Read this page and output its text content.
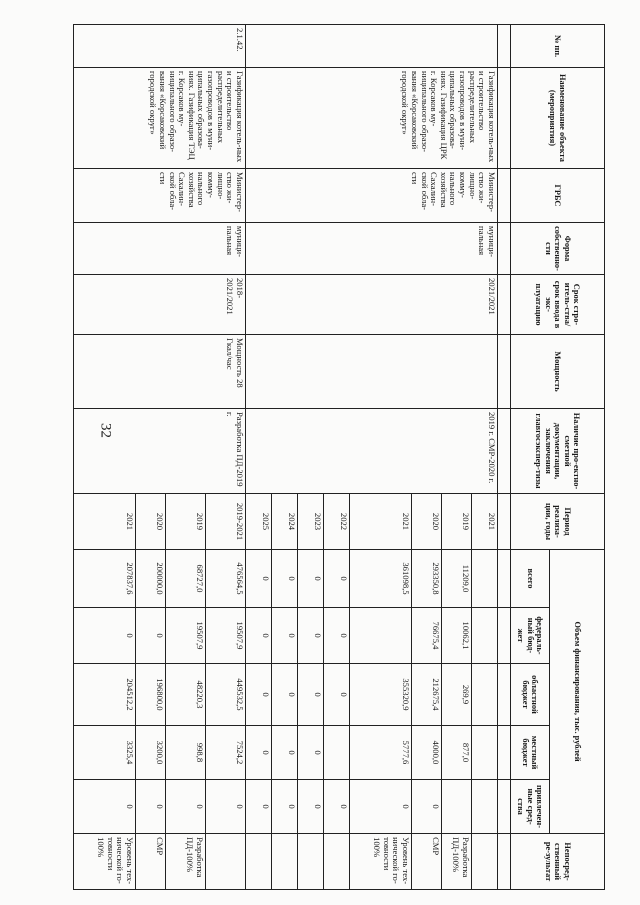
32
№ пп.	Наименование объекта (мероприятия)	ГРБС	Форма собственно-сти	Срок стро-итель-ства/срок ввода в экс-плуатацию	Мощность	Наличие про-ектно-сметной документации, заключения главгосэкспер-тизы	Период реализа-ции, годы	Объем финансирования, тыс. рублей					Непосред-ственный ре-зультат
								всего	федераль-ный бюд-жет	областной бюджет	местный бюджет	привлечен-ные сред-ства	

	Газификация котель-ных и строительство распределительных газопроводов в муни-ципальных образова-ниях. Газификация ЦРК г. Корсаков му-ниципального образо-вания «Корсаковский городской округ»	Министер-ство жи-лищно-комму-нального хозяйства Сахалин-ской обла-сти	муници-пальная	2021/2021		2019 г. СМР-2020 г.	2021						
							2019	11209,0	10062,1	269,9	877,0		Разработка ПД-100%
							2020	293350,8	76675,4	212675,4	4000,0	0	СМР
							2021	361098,5		355320,9	5777,6	0	Уровень тех-нической го-товности 100%
							2022	0	0	0		0	
							2023	0	0	0	0	0	
							2024	0	0	0	0	0	
							2025	0	0	0	0	0	
2.1.42.	Газификация котель-ных и строительство распределительных газопроводов в муни-ципальных образова-ниях. Газификация ТЭЦ г. Корсаков му-ниципального образо-вания «Корсаковский городской округ»	Министер-ство жи-лищно-комму-нального хозяйства Сахалин-ской обла-сти	муници-пальная	2018-2021/2021	Мощность 28 Гкал/час	Разработка ПД-2019 г.	2019-2021	476564,5	19507,9	449532,5	7524,2	0	
							2019	68727,0	19507,9	48220,3	998,8	0	Разработка ПД-100%
							2020	200000,0	0	196800,0	3200,0	0	СМР
							2021	207837,6	0	204512,2	3325,4	0	Уровень тех-нической го-товности 100%
